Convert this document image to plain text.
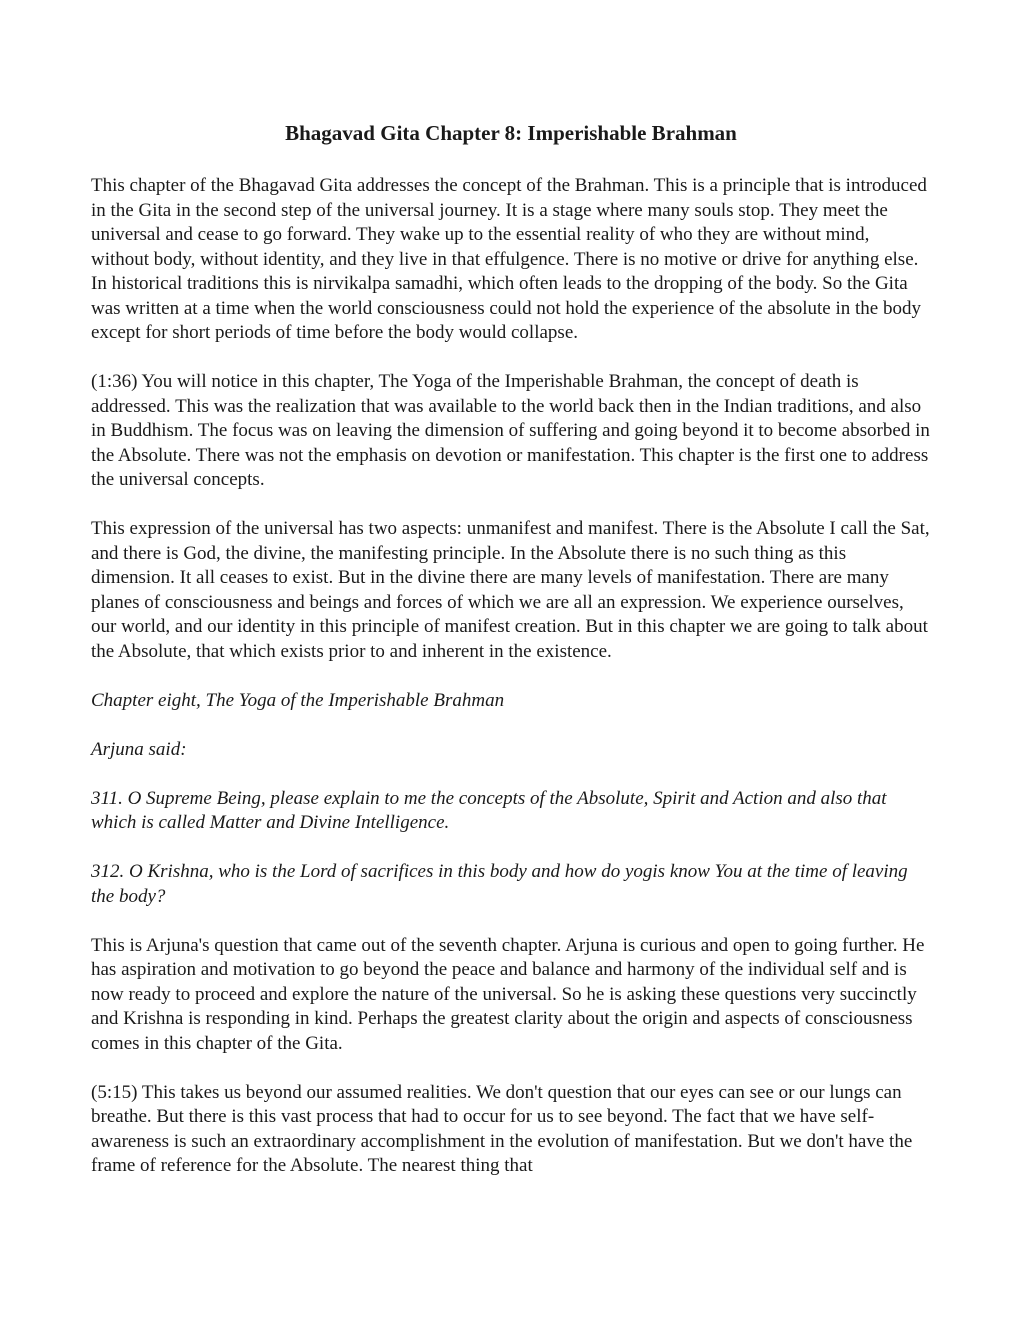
Bhagavad Gita Chapter 8: Imperishable Brahman

This chapter of the Bhagavad Gita addresses the concept of the Brahman. This is a principle that is introduced in the Gita in the second step of the universal journey. It is a stage where many souls stop. They meet the universal and cease to go forward. They wake up to the essential reality of who they are without mind, without body, without identity, and they live in that effulgence. There is no motive or drive for anything else. In historical traditions this is nirvikalpa samadhi, which often leads to the dropping of the body. So the Gita was written at a time when the world consciousness could not hold the experience of the absolute in the body except for short periods of time before the body would collapse.

(1:36) You will notice in this chapter, The Yoga of the Imperishable Brahman, the concept of death is addressed. This was the realization that was available to the world back then in the Indian traditions, and also in Buddhism. The focus was on leaving the dimension of suffering and going beyond it to become absorbed in the Absolute. There was not the emphasis on devotion or manifestation. This chapter is the first one to address the universal concepts.

This expression of the universal has two aspects: unmanifest and manifest. There is the Absolute I call the Sat, and there is God, the divine, the manifesting principle. In the Absolute there is no such thing as this dimension. It all ceases to exist. But in the divine there are many levels of manifestation. There are many planes of consciousness and beings and forces of which we are all an expression. We experience ourselves, our world, and our identity in this principle of manifest creation. But in this chapter we are going to talk about the Absolute, that which exists prior to and inherent in the existence.

Chapter eight, The Yoga of the Imperishable Brahman

Arjuna said:

311. O Supreme Being, please explain to me the concepts of the Absolute, Spirit and Action and also that which is called Matter and Divine Intelligence.

312. O Krishna, who is the Lord of sacrifices in this body and how do yogis know You at the time of leaving the body?

This is Arjuna's question that came out of the seventh chapter. Arjuna is curious and open to going further. He has aspiration and motivation to go beyond the peace and balance and harmony of the individual self and is now ready to proceed and explore the nature of the universal. So he is asking these questions very succinctly and Krishna is responding in kind. Perhaps the greatest clarity about the origin and aspects of consciousness comes in this chapter of the Gita.

(5:15) This takes us beyond our assumed realities. We don't question that our eyes can see or our lungs can breathe. But there is this vast process that had to occur for us to see beyond. The fact that we have self-awareness is such an extraordinary accomplishment in the evolution of manifestation. But we don't have the frame of reference for the Absolute. The nearest thing that
